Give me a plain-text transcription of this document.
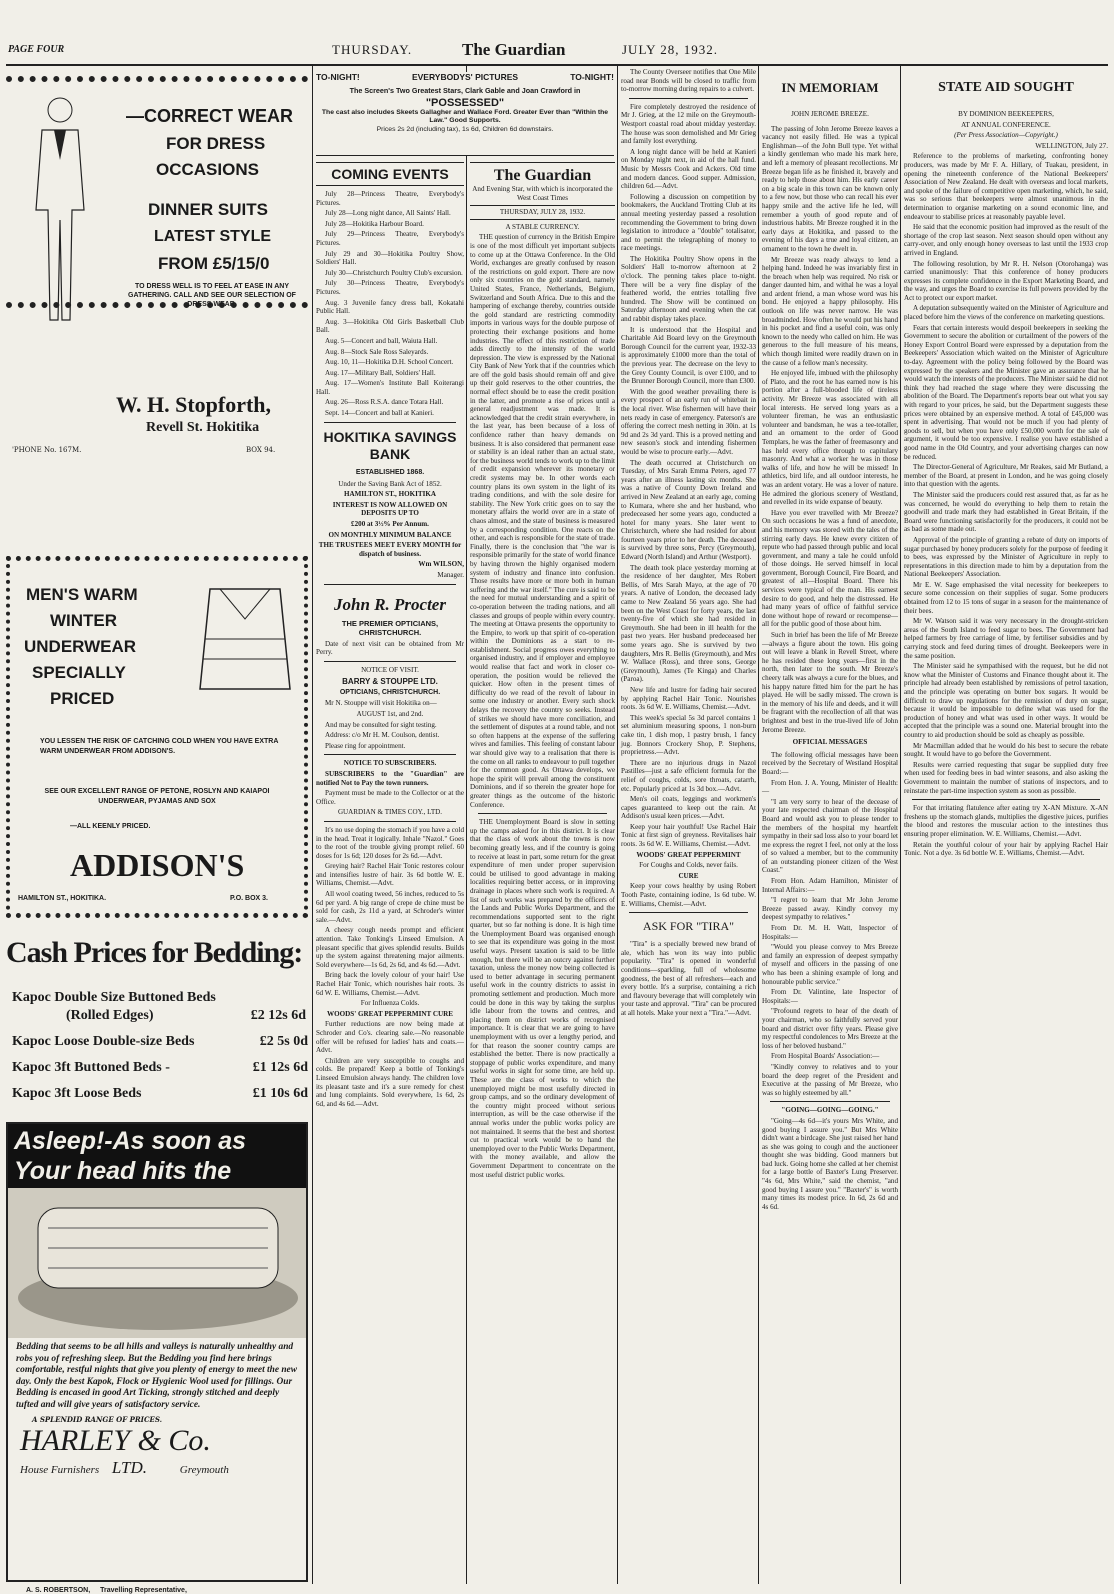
PAGE FOUR	THURSDAY.	The Guardian	JULY 28, 1932.
—CORRECT WEAR
FOR DRESS
OCCASIONS
DINNER SUITS
LATEST STYLE
FROM £5/15/0
TO DRESS WELL IS TO FEEL AT EASE IN ANY GATHERING. CALL AND SEE OUR SELECTION OF DRESS WEAR.
W. H. Stopforth,
Revell St. Hokitika
'PHONE No. 167M.	BOX 94.
MEN'S WARM
WINTER
UNDERWEAR
SPECIALLY
PRICED
YOU LESSEN THE RISK OF CATCHING COLD WHEN YOU HAVE EXTRA WARM UNDERWEAR FROM ADDISON'S.
SEE OUR EXCELLENT RANGE OF PETONE, ROSLYN AND KAIAPOI UNDERWEAR, PYJAMAS AND SOX
—ALL KEENLY PRICED.
ADDISON'S
HAMILTON ST., HOKITIKA.	P.O. BOX 3.
Cash Prices for Bedding:
Kapoc Double Size Buttoned Beds
(Rolled Edges)	£2 12s 6d
Kapoc Loose Double-size Beds	£2 5s 0d
Kapoc 3ft Buttoned Beds -	£1 12s 6d
Kapoc 3ft Loose Beds	£1 10s 6d
Asleep!-As soon as
Your head hits the
Bedding that seems to be all hills and valleys is naturally unhealthy and robs you of refreshing sleep. But the Bedding you find here brings comfortable, restful nights that give you plenty of energy to meet the new day. Only the best Kapok, Flock or Hygienic Wool used for fillings. Our Bedding is encased in good Art Ticking, strongly stitched and deeply tufted and will give years of satisfactory service.
A SPLENDID RANGE OF PRICES.
HARLEY & Co.
House Furnishers LTD.	Greymouth
A. S. ROBERTSON, Travelling Representative,
TO-NIGHT!	EVERYBODYS' PICTURES	TO-NIGHT!
The Screen's Two Greatest Stars, Clark Gable and Joan Crawford in
"POSSESSED"
The cast also includes Skeets Gallagher and Wallace Ford. Greater Ever than "Within the Law." Good Supports.
Prices 2s 2d (including tax), 1s 6d, Children 6d downstairs.
COMING EVENTS
July 28—Princess Theatre, Everybody's Pictures.
July 28—Long night dance, All Saints' Hall.
July 28—Hokitika Harbour Board.
July 29—Princess Theatre, Everybody's Pictures.
July 29 and 30—Hokitika Poultry Show, Soldiers' Hall.
July 30—Christchurch Poultry Club's excursion.
July 30—Princess Theatre, Everybody's Pictures.
Aug. 3 Juvenile fancy dress ball, Kokatahi Public Hall.
Aug. 3—Hokitika Old Girls Basketball Club Ball.
Aug. 5—Concert and ball, Waiuta Hall.
Aug. 8—Stock Sale Ross Saleyards.
Aug. 10, 11—Hokitika D.H. School Concert.
Aug. 17—Military Ball, Soldiers' Hall.
Aug. 17—Women's Institute Ball Koiterangi Hall.
Aug. 26—Ross R.S.A. dance Totara Hall.
Sept. 14—Concert and ball at Kanieri.
HOKITIKA SAVINGS BANK
ESTABLISHED 1868.
Under the Saving Bank Act of 1852.
HAMILTON ST., HOKITIKA
INTEREST IS NOW ALLOWED ON DEPOSITS UP TO
£200 at 3½% Per Annum.
ON MONTHLY MINIMUM BALANCE
THE TRUSTEES MEET EVERY MONTH for dispatch of business.
Wm WILSON,
Manager.
John R. Procter
THE PREMIER OPTICIANS, CHRISTCHURCH.
Date of next visit can be obtained from Mr Perry.
NOTICE OF VISIT.
BARRY & STOUPPE LTD.
OPTICIANS, CHRISTCHURCH.
Mr N. Stouppe will visit Hokitika on—
AUGUST 1st, and 2nd.
And may be consulted for sight testing.
Address: c/o Mr H. M. Coulson, dentist.
Please ring for appointment.
NOTICE TO SUBSCRIBERS.
SUBSCRIBERS to the "Guardian" are notified Not to Pay the town runners.
Payment must be made to the Collector or at the Office.
GUARDIAN & TIMES COY., LTD.
It's no use doping the stomach if you have a cold in the head. Treat it logically. Inhale "Nazol." Goes to the root of the trouble giving prompt relief. 60 doses for 1s 6d; 120 doses for 2s 6d.—Advt.
Greying hair? Rachel Hair Tonic restores colour and intensifies lustre of hair. 3s 6d bottle W. E. Williams, Chemist.—Advt.
All wool coating tweed, 56 inches, reduced to 5s 6d per yard. A big range of crepe de chine must be sold for cash, 2s 11d a yard, at Schroder's winter sale.—Advt.
A cheesy cough needs prompt and efficient attention. Take Tonking's Linseed Emulsion. A pleasant specific that gives splendid results. Builds up the system against threatening major ailments. Sold everywhere—1s 6d, 2s 6d, and 4s 6d.—Advt.
Bring back the lovely colour of your hair! Use Rachel Hair Tonic, which nourishes hair roots. 3s 6d W. E. Williams, Chemist.—Advt.
For Influenza Colds.
WOODS' GREAT PEPPERMINT CURE
Further reductions are now being made at Schroder and Co's. clearing sale.—No reasonable offer will be refused for ladies' hats and coats.—Advt.
Children are very susceptible to coughs and colds. Be prepared! Keep a bottle of Tonking's Linseed Emulsion always handy. The children love its pleasant taste and it's a sure remedy for chest and lung complaints. Sold everywhere, 1s 6d, 2s 6d, and 4s 6d.—Advt.
The Guardian
And Evening Star, with which is incorporated the West Coast Times
THURSDAY, JULY 28, 1932.
A STABLE CURRENCY.
THE question of currency in the British Empire is one of the most difficult yet important subjects to come up at the Ottawa Conference. In the Old World, exchanges are greatly confused by reason of the restrictions on gold export. There are now only six countries on the gold standard, namely United States, France, Netherlands, Belgium, Switzerland and South Africa. Due to this and the hampering of exchange thereby, countries outside the gold standard are restricting commodity imports in various ways for the double purpose of protecting their exchange positions and home industries. The effect of this restriction of trade adds directly to the intensity of the world depression. The view is expressed by the National City Bank of New York that if the countries which are off the gold basis should remain off and give up their gold reserves to the other countries, the normal effect should be to ease the credit position in the latter, and promote a rise of prices until a general readjustment was made. It is acknowledged that the credit strain everywhere, in the last year, has been because of a loss of confidence rather than heavy demands on business. It is also considered that permanent ease or stability is an ideal rather than an actual state, for the business world tends to work up to the limit of credit expansion wherever its monetary or credit systems may be. In other words each country plans its own system in the light of its trading conditions, and with the sole desire for stability. The New York critic goes on to say the monetary affairs the world over are in a state of chaos almost, and the state of business is measured by a corresponding condition. One reacts on the other, and each is responsible for the state of trade. Finally, there is the conclusion that "the war is responsible primarily for the state of world finance by having thrown the highly organised modern system of industry and finance into confusion. Those results have more or more both in human suffering and the war itself." The cure is said to be the need for mutual understanding and a spirit of co-operation between the trading nations, and all classes and groups of people within every country. The meeting at Ottawa presents the opportunity to the Empire, to work up that spirit of co-operation within the Dominions as a start to re-establishment. Social progress owes everything to organised industry, and if employer and employee would realise that fact and work in closer co-operation, the position would be relieved the quicker. How often in the present times of difficulty do we read of the revolt of labour in some one industry or another. Every such shock delays the recovery the country so seeks. Instead of strikes we should have more conciliation, and the settlement of disputes at a round table, and not so often happens at the expense of the suffering wives and families. This feeling of constant labour war should give way to a realisation that there is the come on all ranks to endeavour to pull together for the common good. As Ottawa develops, we hope the spirit will prevail among the constituent Dominions, and if so therein the greater hope for greater things as the outcome of the historic Conference.
THE Unemployment Board is slow in setting up the camps asked for in this district. It is clear that the class of work about the towns is now becoming greatly less, and if the country is going to receive at least in part, some return for the great expenditure of men under proper supervision could be utilised to good advantage in making localities requiring better access, or in improving drainage in places where such work is required. A list of such works was prepared by the officers of the Lands and Public Works Department, and the recommendations supported sent to the right quarter, but so far nothing is done. It is high time the Unemployment Board was organised enough to see that its expenditure was going in the most useful ways. Present taxation is said to be little enough, but there will be an outcry against further taxation, unless the money now being collected is used to better advantage in securing permanent useful work in the country districts to assist in promoting settlement and production. Much more could be done in this way by taking the surplus idle labour from the towns and centres, and placing them on district works of recognised importance. It is clear that we are going to have unemployment with us over a lengthy period, and for that reason the sooner country camps are established the better. There is now practically a stoppage of public works expenditure, and many useful works in sight for some time, are held up. These are the class of works to which the unemployed might be most usefully directed in group camps, and so the ordinary development of the country might proceed without serious interruption, as will be the case otherwise if the annual works under the public works policy are not maintained. It seems that the best and shortest cut to practical work would be to hand the unemployed over to the Public Works Department, with the money available, and allow the Government Department to concentrate on the most useful district public works.
The County Overseer notifies that One Mile road near Bonds will be closed to traffic from to-morrow morning during repairs to a culvert.
Fire completely destroyed the residence of Mr J. Grieg, at the 12 mile on the Greymouth-Westport coastal road about midday yesterday. The house was soon demolished and Mr Grieg and family lost everything.
A long night dance will be held at Kanieri on Monday night next, in aid of the hall fund. Music by Messrs Cook and Ackers. Old time and modern dances. Good supper. Admission, children 6d.—Advt.
Following a discussion on competition by bookmakers, the Auckland Trotting Club at its annual meeting yesterday passed a resolution recommending the Government to bring down legislation to introduce a "double" totalisator, and to permit the telegraphing of money to race meetings.
The Hokitika Poultry Show opens in the Soldiers' Hall to-morrow afternoon at 2 o'clock. The penning takes place to-night. There will be a very fine display of the feathered world, the entries totalling five hundred. The Show will be continued on Saturday afternoon and evening when the cat and rabbit display takes place.
It is understood that the Hospital and Charitable Aid Board levy on the Greymouth Borough Council for the current year, 1932-33 is approximately £1000 more than the total of the previous year. The decrease on the levy to the Grey County Council, is over £100, and to the Brunner Borough Council, more than £300.
With the good weather prevailing there is every prospect of an early run of whitebait in the local river. Wise fishermen will have their nets ready in case of emergency. Paterson's are offering the correct mesh netting in 30in. at 1s 9d and 2s 3d yard. This is a proved netting and new season's stock and intending fishermen would be wise to procure early.—Advt.
The death occurred at Christchurch on Tuesday, of Mrs Sarah Emma Peters, aged 77 years after an illness lasting six months. She was a native of County Down Ireland and arrived in New Zealand at an early age, coming to Kumara, where she and her husband, who predeceased her some years ago, conducted a hotel for many years. She later went to Christchurch, where she had resided for about fourteen years prior to her death. The deceased is survived by three sons, Percy (Greymouth), Edward (North Island) and Arthur (Westport).
The death took place yesterday morning at the residence of her daughter, Mrs Robert Bellis, of Mrs Sarah Mayo, at the age of 70 years. A native of London, the deceased lady came to New Zealand 56 years ago. She had been on the West Coast for forty years, the last twenty-five of which she had resided in Greymouth. She had been in ill health for the past two years. Her husband predeceased her some years ago. She is survived by two daughters, Mrs R. Bellis (Greymouth), and Mrs W. Wallace (Ross), and three sons, George (Greymouth), James (Te Kinga) and Charles (Paroa).
New life and lustre for fading hair secured by applying Rachel Hair Tonic. Nourishes roots. 3s 6d W. E. Williams, Chemist.—Advt.
This week's special 5s 3d parcel contains 1 set aluminium measuring spoons, 1 non-burn cake tin, 1 dish mop, 1 pastry brush, 1 fancy jug. Bonnors Crockery Shop, P. Stephens, proprietress.—Advt.
There are no injurious drugs in Nazol Pastilles—just a safe efficient formula for the relief of coughs, colds, sore throats, catarrh, etc. Popularly priced at 1s 3d box.—Advt.
Men's oil coats, leggings and workmen's capes guaranteed to keep out the rain. At Addison's usual keen prices.—Advt.
Keep your hair youthful! Use Rachel Hair Tonic at first sign of greyness. Revitalises hair roots. 3s 6d W. E. Williams, Chemist.—Advt.
WOODS' GREAT PEPPERMINT
For Coughs and Colds, never fails.
CURE
Keep your cows healthy by using Robert Tooth Paste, containing iodine, 1s 6d tube. W. E. Williams, Chemist.—Advt.
ASK FOR "TIRA"
"Tira" is a specially brewed new brand of ale, which has won its way into public popularity. "Tira" is opened in wonderful conditions—sparkling, full of wholesome goodness, the best of all refreshers—each and every bottle. It's a surprise, containing a rich and flavoury beverage that will completely win your taste and approval. "Tira" can be procured at all hotels. Make your next a "Tira."—Advt.
IN MEMORIAM
JOHN JEROME BREEZE.
The passing of John Jerome Breeze leaves a vacancy not easily filled. He was a typical Englishman—of the John Bull type. Yet withal a kindly gentleman who made his mark here, and left a memory of pleasant recollections. Mr Breeze began life as he finished it, bravely and ready to help those about him. His early career on a big scale in this town can be known only to a few now, but those who can recall his ever happy smile and the active life he led, will remember a youth of good repute and of industrious habits. Mr Breeze roughed it in the early days at Hokitika, and passed to the evening of his days a true and loyal citizen, an ornament to the town he dwelt in.
Mr Breeze was ready always to lend a helping hand. Indeed he was invariably first in the breach when help was required. No risk or danger daunted him, and withal he was a loyal and ardent friend, a man whose word was his bond. He enjoyed a happy philosophy. His outlook on life was never narrow. He was broadminded. How often he would put his hand in his pocket and find a useful coin, was only known to the needy who called on him. He was generous to the full measure of his means, which though limited were readily drawn on in the cause of a fellow man's necessity.
He enjoyed life, imbued with the philosophy of Plato, and the root he has earned now is his portion after a full-blooded life of tireless activity. Mr Breeze was associated with all local interests. He served long years as a volunteer fireman, he was an enthusiastic volunteer and bandsman, he was a tee-totaller, and an ornament to the order of Good Templars, he was the father of freemasonry and has held every office through to capitulary masonry. And what a worker he was in those walks of life, and how he will be missed! In athletics, bird life, and all outdoor interests, he was an ardent votary. He was a lover of nature. He admired the glorious scenery of Westland, and revelled in its wide expanse of beauty.
Have you ever travelled with Mr Breeze? On such occasions he was a fund of anecdote, and his memory was stored with the tales of the stirring early days. He knew every citizen of repute who had passed through public and local government, and many a tale he could unfold of those doings. He served himself in local government, Borough Council, Fire Board, and greatest of all—Hospital Board. There his services were typical of the man. His earnest desire to do good, and help the distressed. He had many years of office of faithful service done without hope of reward or recompense—all for the public good of those about him.
Such in brief has been the life of Mr Breeze—always a figure about the town. His going out will leave a blank in Revell Street, where he has resided these long years—first in the north, then later to the south. Mr Breeze's cheery talk was always a cure for the blues, and his happy nature fitted him for the part he has played. He will be sadly missed. The crown is in the memory of his life and deeds, and it will be fragrant with the recollection of all that was brightest and best in the true-lived life of John Jerome Breeze.
OFFICIAL MESSAGES
The following official messages have been received by the Secretary of Westland Hospital Board:—
From Hon. J. A. Young, Minister of Health:—
"I am very sorry to hear of the decease of your late respected chairman of the Hospital Board and would ask you to please tender to the members of the hospital my heartfelt sympathy in their sad loss also to your board let me express the regret I feel, not only at the loss of so valued a member, but to the community of an outstanding pioneer citizen of the West Coast."
From Hon. Adam Hamilton, Minister of Internal Affairs:—
"I regret to learn that Mr John Jerome Breeze passed away. Kindly convey my deepest sympathy to relatives."
From Dr. M. H. Watt, Inspector of Hospitals:—
"Would you please convey to Mrs Breeze and family an expression of deepest sympathy of myself and officers in the passing of one who has been a shining example of long and honourable public service."
From Dr. Valintine, late Inspector of Hospitals:—
"Profound regrets to hear of the death of your chairman, who so faithfully served your board and district over fifty years. Please give my respectful condolences to Mrs Breeze at the loss of her beloved husband."
From Hospital Boards' Association:—
"Kindly convey to relatives and to your board the deep regret of the President and Executive at the passing of Mr Breeze, who was so highly esteemed by all."
"GOING—GOING—GOING."
"Going—4s 6d—it's yours Mrs White, and good buying I assure you." But Mrs White didn't want a birdcage. She just raised her hand as she was going to cough and the auctioneer thought she was bidding. Good manners but bad luck. Going home she called at her chemist for a large bottle of Baxter's Lung Preserver. "4s 6d, Mrs White," said the chemist, "and good buying I assure you." "Baxter's" is worth many times its modest price. In 6d, 2s 6d and 4s 6d.
STATE AID SOUGHT
BY DOMINION BEEKEEPERS,
AT ANNUAL CONFERENCE.
(Per Press Association—Copyright.)
WELLINGTON, July 27.
Reference to the problems of marketing, confronting honey producers, was made by Mr F. A. Hillary, of Tuakau, president, in opening the nineteenth conference of the National Beekeepers' Association of New Zealand. He dealt with overseas and local markets, and spoke of the failure of competitive open marketing, which, he said, was so serious that beekeepers were almost unanimous in the determination to organise marketing on a sound economic line, and endeavour to stabilise prices at reasonably payable level.
He said that the economic position had improved as the result of the shortage of the crop last season. Next season should open without any carry-over, and only enough honey overseas to last until the 1933 crop arrived in England.
The following resolution, by Mr R. H. Nelson (Otorohanga) was carried unanimously: That this conference of honey producers expresses its complete confidence in the Export Marketing Board, and the way, and urges the Board to exercise its full powers provided by the Act to protect our export market.
A deputation subsequently waited on the Minister of Agriculture and placed before him the views of the conference on marketing questions.
Fears that certain interests would despoil beekeepers in seeking the Government to secure the abolition or curtailment of the powers of the Honey Export Control Board were expressed by a deputation from the Beekeepers' Association which waited on the Minister of Agriculture to-day. Agreement with the policy being followed by the Board was expressed by the speakers and the Minister gave an assurance that he would watch the interests of the producers. The Minister said he did not think they had reached the stage where they were discussing the abolition of the Board. The Department's reports bear out what you say with regard to your prices, he said, but the Department suggests these prices were obtained by an expensive method. A total of £45,000 was spent in advertising. That would not be much if you had plenty of goods to sell, but when you have only £50,000 worth for the sale of argument, it would be too expensive. I realise you have established a good name in the Old Country, and your advertising charges can now be reduced.
The Director-General of Agriculture, Mr Reakes, said Mr Butland, a member of the Board, at present in London, and he was going closely into that question with the agents.
The Minister said the producers could rest assured that, as far as he was concerned, he would do everything to help them to retain the goodwill and trade mark they had established in Great Britain, if the Board were functioning satisfactorily for the producers, it could not be as bad as some made out.
Approval of the principle of granting a rebate of duty on imports of sugar purchased by honey producers solely for the purpose of feeding it to bees, was expressed by the Minister of Agriculture in reply to representations in this direction made to him by a deputation from the National Beekeepers' Association.
Mr E. W. Sage emphasised the vital necessity for beekeepers to secure some concession on their supplies of sugar. Some producers obtained from 12 to 15 tons of sugar in a season for the maintenance of their bees.
Mr W. Watson said it was very necessary in the drought-stricken areas of the South Island to feed sugar to bees. The Government had helped farmers by free carriage of lime, by fertiliser subsidies and by carrying stock and feed during times of drought. Beekeepers were in the same position.
The Minister said he sympathised with the request, but he did not know what the Minister of Customs and Finance thought about it. The principle had already been established by remissions of petrol taxation, and the principle was operating on butter box sugars. It would be difficult to draw up regulations for the remission of duty on sugar, because it would be impossible to define what was used for the production of honey and what was used in other ways. It would be accepted that the principle was a sound one. Material brought into the country to aid production should be sold as cheaply as possible.
Mr Macmillan added that he would do his best to secure the rebate sought. It would have to go before the Government.
Results were carried requesting that sugar be supplied duty free when used for feeding bees in bad winter seasons, and also asking the Government to maintain the number of stations of inspectors, and to reinstate the part-time inspection system as soon as possible.
For that irritating flatulence after eating try X-AN Mixture. X-AN freshens up the stomach glands, multiplies the digestive juices, purifies the blood and restores the muscular action to the intestines thus ensuring proper elimination. W. E. Williams, Chemist.—Advt.
Retain the youthful colour of your hair by applying Rachel Hair Tonic. Not a dye. 3s 6d bottle W. E. Williams, Chemist.—Advt.
